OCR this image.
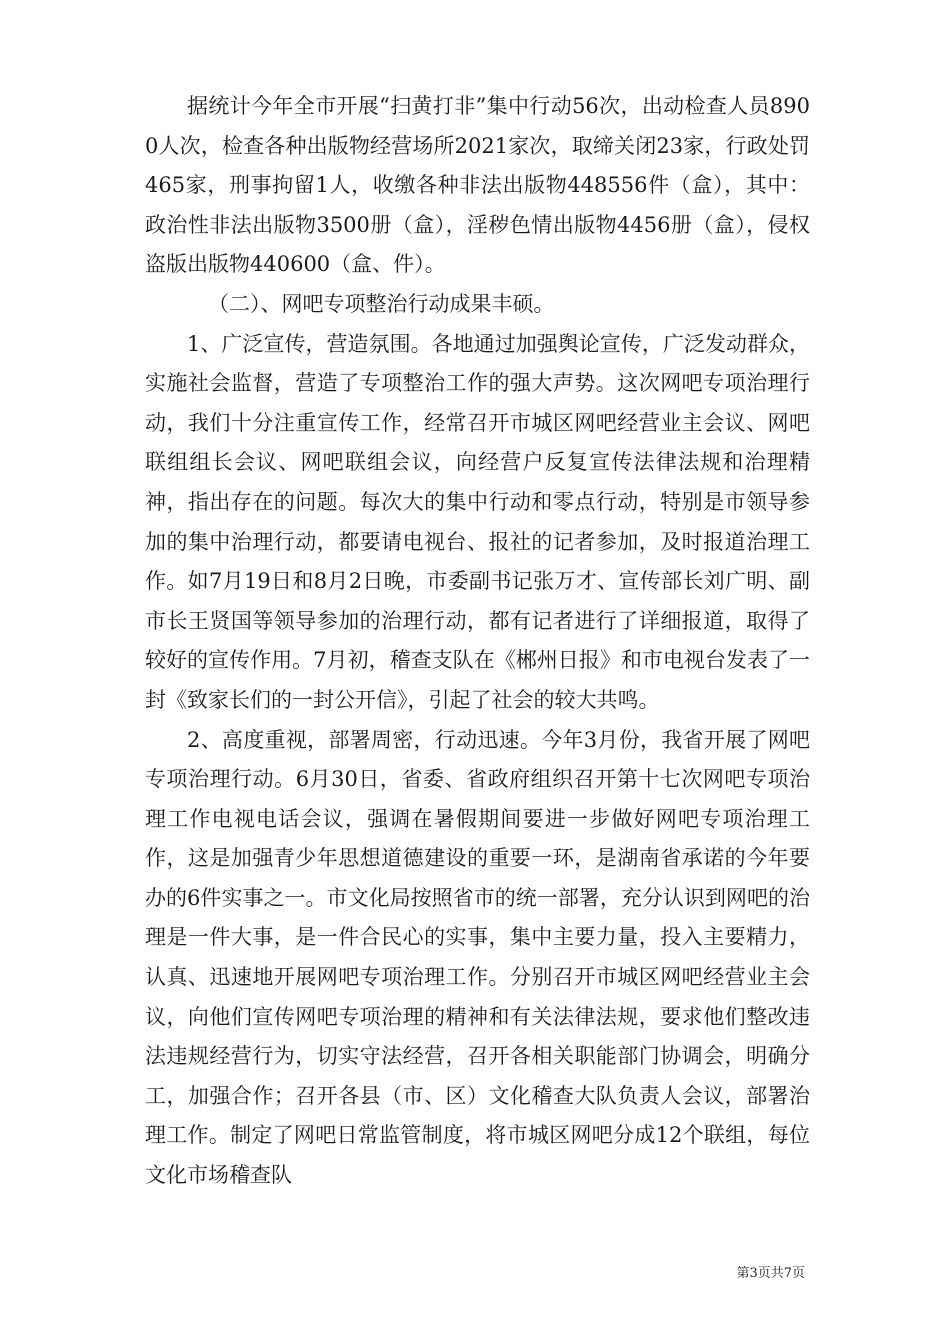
据统计今年全市开展“扫黄打非”集中行动56次，出动检查人员8900人次，检查各种出版物经营场所2021家次，取缔关闭23家，行政处罚465家，刑事拘留1人，收缴各种非法出版物448556件（盒），其中：政治性非法出版物3500册（盒），淫秽色情出版物4456册（盒），侵权盗版出版物440600（盒、件）。

（二）、网吧专项整治行动成果丰硕。

1、广泛宣传，营造氛围。各地通过加强舆论宣传，广泛发动群众，实施社会监督，营造了专项整治工作的强大声势。这次网吧专项治理行动，我们十分注重宣传工作，经常召开市城区网吧经营业主会议、网吧联组组长会议、网吧联组会议，向经营户反复宣传法律法规和治理精神，指出存在的问题。每次大的集中行动和零点行动，特别是市领导参加的集中治理行动，都要请电视台、报社的记者参加，及时报道治理工作。如7月19日和8月2日晚，市委副书记张万才、宣传部长刘广明、副市长王贤国等领导参加的治理行动，都有记者进行了详细报道，取得了较好的宣传作用。7月初，稽查支队在《郴州日报》和市电视台发表了一封《致家长们的一封公开信》，引起了社会的较大共鸣。

2、高度重视，部署周密，行动迅速。今年3月份，我省开展了网吧专项治理行动。6月30日，省委、省政府组织召开第十七次网吧专项治理工作电视电话会议，强调在暑假期间要进一步做好网吧专项治理工作，这是加强青少年思想道德建设的重要一环，是湖南省承诺的今年要办的6件实事之一。市文化局按照省市的统一部署，充分认识到网吧的治理是一件大事，是一件合民心的实事，集中主要力量，投入主要精力，认真、迅速地开展网吧专项治理工作。分别召开市城区网吧经营业主会议，向他们宣传网吧专项治理的精神和有关法律法规，要求他们整改违法违规经营行为，切实守法经营，召开各相关职能部门协调会，明确分工，加强合作；召开各县（市、区）文化稽查大队负责人会议，部署治理工作。制定了网吧日常监管制度，将市城区网吧分成12个联组，每位文化市场稽查队

第3页共7页
